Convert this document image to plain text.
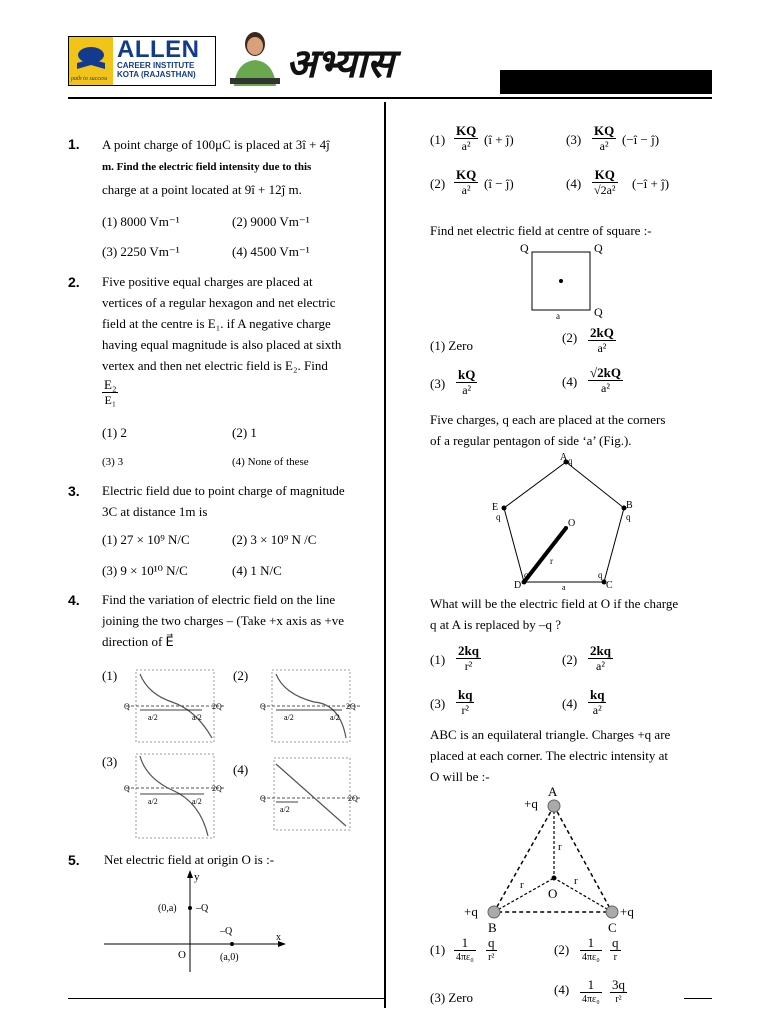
path to success
ALLEN
CAREER INSTITUTE
KOTA (RAJASTHAN)	अभ्यास
1. A point charge of 100μC is placed at 3î + 4ĵ
m. Find the electric field intensity due to this
charge at a point located at 9î + 12ĵ m.
(1) 8000 Vm⁻¹	(2) 9000 Vm⁻¹
(3) 2250 Vm⁻¹	(4) 4500 Vm⁻¹
2. Five positive equal charges are placed at
vertices of a regular hexagon and net electric
field at the centre is E₁. if A negative charge
having equal magnitude is also placed at sixth
vertex and then net electric field is E₂. Find
$\frac{\text{E₂}}{\text{E₁}}$
(1) 2	(2) 1
(3) 3	(4) None of these
3. Electric field due to point charge of magnitude
3C at distance 1m is
(1) 27 × 10⁹ N/C	(2) 3 × 10⁹ N /C
(3) 9 × 10¹⁰ N/C	(4) 1 N/C
4. Find the variation of electric field on the line
joining the two charges – (Take +x axis as +ve
direction of E⃗
(1)	(2)
(3)
(4)
Q	2Q
a/2	a/2
Q	2Q
a/2	a/2
Q	2Q
a/2	a/2	Q	2Q
a/2
5. Net electric field at origin O is :-
y
x
O
(0,a) –Q
–Q
(a,0)
$(1) \frac{KQ}{\text{a²}}$ (î + ĵ)	$(3) \frac{KQ}{\text{a²}}$ (−î − ĵ)
$(2) \frac{KQ}{\text{a²}}$ (î − ĵ)	$(4) \frac{KQ}{\text{√2a²}}$ (−î + ĵ)
Find net electric field at centre of square :-
Q	Q
Q
a
(1) Zero
$(2) \frac{2kQ}{\text{a²}}$
$(3) \frac{kQ}{\text{a²}}$	$(4) \frac{√2kQ}{\text{a²}}$
Five charges, q each are placed at the corners
of a regular pentagon of side ‘a’ (Fig.).
A q
B
q
C
q
D
q
E
q
O
r
a
What will be the electric field at O if the charge
q at A is replaced by –q ?
$(1) \frac{2kq}{\text{r²}}$	$(2) \frac{2kq}{\text{a²}}$
$(3) \frac{kq}{\text{r²}}$	$(4) \frac{kq}{\text{a²}}$
ABC is an equilateral triangle. Charges +q are
placed at each corner. The electric intensity at
O will be :-
+q
A
+q
B
+q
C
O
r
r	r
(1)	1
4πε₀
q
r²
(2)	1
4πε₀
q
r
(3) Zero
(4)	1
4πε₀
3q
r²
